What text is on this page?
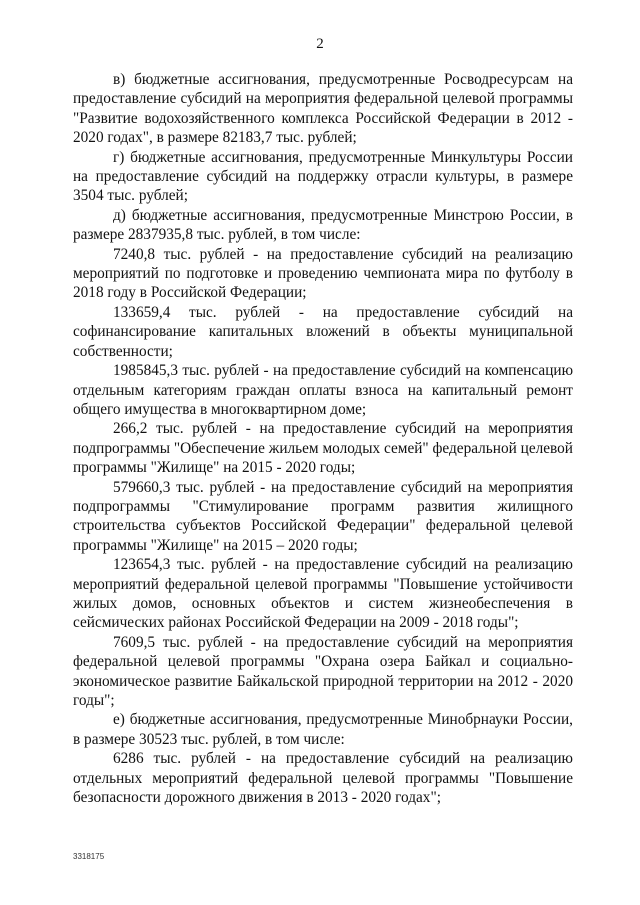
2

в) бюджетные ассигнования, предусмотренные Росводресурсам на предоставление субсидий на мероприятия федеральной целевой программы "Развитие водохозяйственного комплекса Российской Федерации в 2012 - 2020 годах", в размере 82183,7 тыс. рублей;

г) бюджетные ассигнования, предусмотренные Минкультуры России на предоставление субсидий на поддержку отрасли культуры, в размере 3504 тыс. рублей;

д) бюджетные ассигнования, предусмотренные Минстрою России, в размере 2837935,8 тыс. рублей, в том числе:

7240,8 тыс. рублей - на предоставление субсидий на реализацию мероприятий по подготовке и проведению чемпионата мира по футболу в 2018 году в Российской Федерации;

133659,4 тыс. рублей - на предоставление субсидий на софинансирование капитальных вложений в объекты муниципальной собственности;

1985845,3 тыс. рублей - на предоставление субсидий на компенсацию отдельным категориям граждан оплаты взноса на капитальный ремонт общего имущества в многоквартирном доме;

266,2 тыс. рублей - на предоставление субсидий на мероприятия подпрограммы "Обеспечение жильем молодых семей" федеральной целевой программы "Жилище" на 2015 - 2020 годы;

579660,3 тыс. рублей - на предоставление субсидий на мероприятия подпрограммы "Стимулирование программ развития жилищного строительства субъектов Российской Федерации" федеральной целевой программы "Жилище" на 2015 – 2020 годы;

123654,3 тыс. рублей - на предоставление субсидий на реализацию мероприятий федеральной целевой программы "Повышение устойчивости жилых домов, основных объектов и систем жизнеобеспечения в сейсмических районах Российской Федерации на 2009 - 2018 годы";

7609,5 тыс. рублей - на предоставление субсидий на мероприятия федеральной целевой программы "Охрана озера Байкал и социально-экономическое развитие Байкальской природной территории на 2012 - 2020 годы";

е) бюджетные ассигнования, предусмотренные Минобрнауки России, в размере 30523 тыс. рублей, в том числе:

6286 тыс. рублей - на предоставление субсидий на реализацию отдельных мероприятий федеральной целевой программы "Повышение безопасности дорожного движения в 2013 - 2020 годах";

3318175
